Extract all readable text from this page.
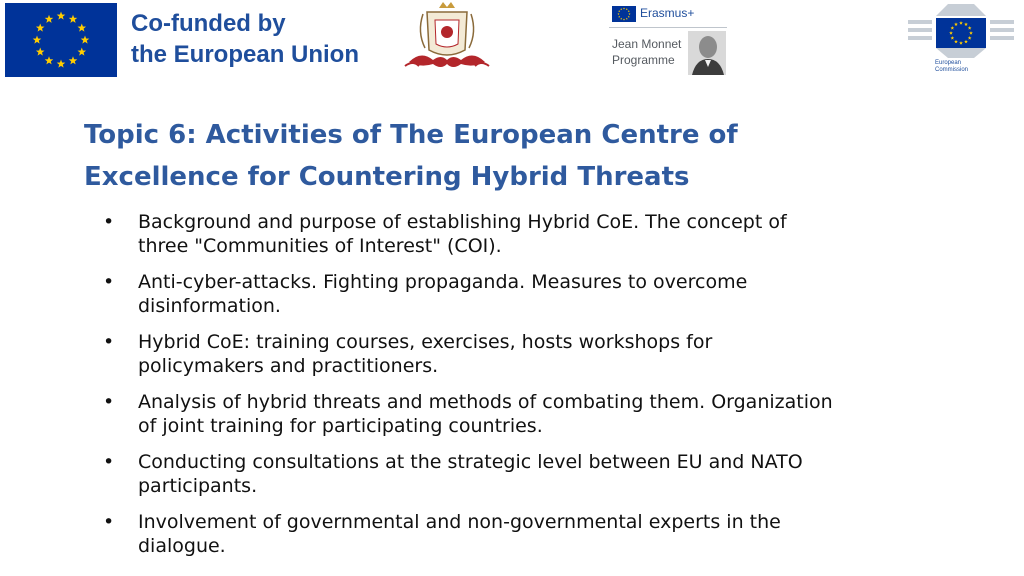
Co-funded by
the European Union
Erasmus+
Jean Monnet
Programme	European
Commission
Topic 6: Activities of The European Centre of
Excellence for Countering Hybrid Threats
• Background and purpose of establishing Hybrid CoE. The concept of
three "Communities of Interest" (COI).
• Anti-cyber-attacks. Fighting propaganda. Measures to overcome
disinformation.
• Hybrid CoE: training courses, exercises, hosts workshops for
policymakers and practitioners.
• Analysis of hybrid threats and methods of combating them. Organization
of joint training for participating countries.
• Conducting consultations at the strategic level between EU and NATO
participants.
• Involvement of governmental and non-governmental experts in the
dialogue.
